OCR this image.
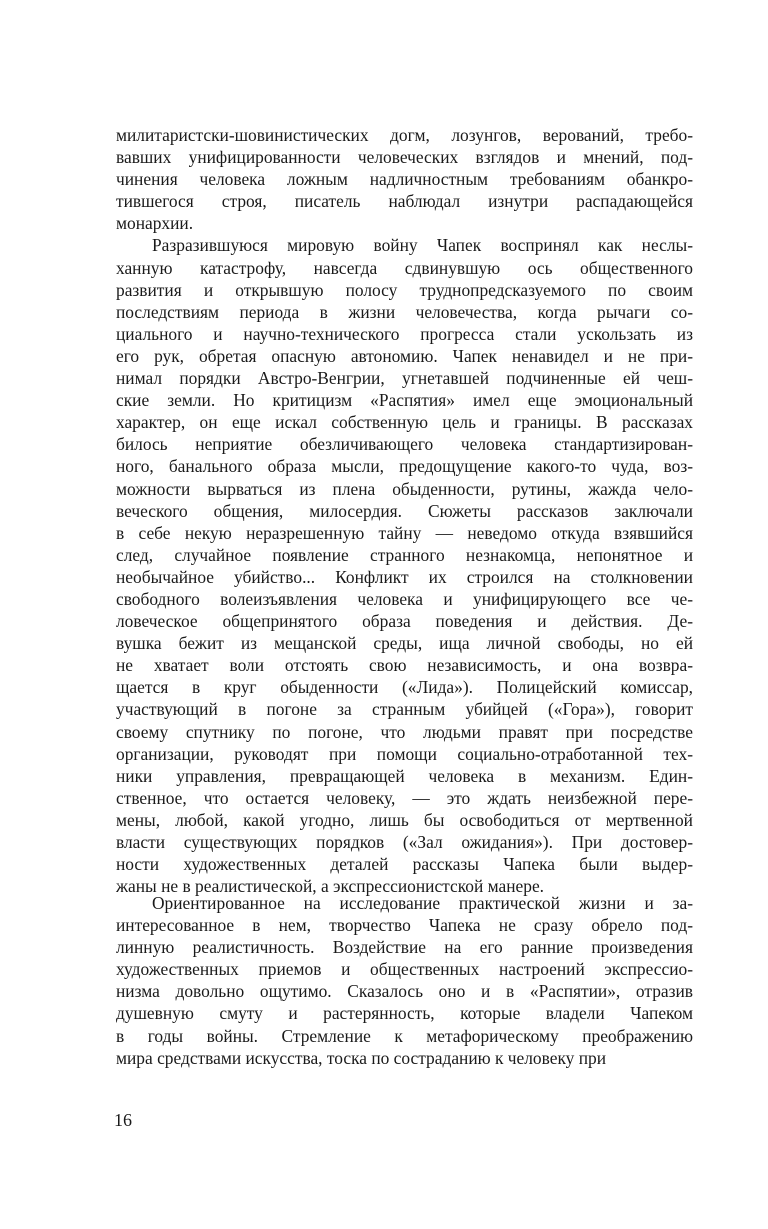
милитаристски-шовинистических догм, лозунгов, верований, требо-
вавших унифицированности человеческих взглядов и мнений, под-
чинения человека ложным надличностным требованиям обанкро-
тившегося строя, писатель наблюдал изнутри распадающейся
монархии.
Разразившуюся мировую войну Чапек воспринял как неслы-
ханную катастрофу, навсегда сдвинувшую ось общественного
развития и открывшую полосу труднопредсказуемого по своим
последствиям периода в жизни человечества, когда рычаги со-
циального и научно-технического прогресса стали ускользать из
его рук, обретая опасную автономию. Чапек ненавидел и не при-
нимал порядки Австро-Венгрии, угнетавшей подчиненные ей чеш-
ские земли. Но критицизм «Распятия» имел еще эмоциональный
характер, он еще искал собственную цель и границы. В рассказах
билось неприятие обезличивающего человека стандартизирован-
ного, банального образа мысли, предощущение какого-то чуда, воз-
можности вырваться из плена обыденности, рутины, жажда чело-
веческого общения, милосердия. Сюжеты рассказов заключали
в себе некую неразрешенную тайну — неведомо откуда взявшийся
след, случайное появление странного незнакомца, непонятное и
необычайное убийство... Конфликт их строился на столкновении
свободного волеизъявления человека и унифицирующего все че-
ловеческое общепринятого образа поведения и действия. Де-
вушка бежит из мещанской среды, ища личной свободы, но ей
не хватает воли отстоять свою независимость, и она возвра-
щается в круг обыденности («Лида»). Полицейский комиссар,
участвующий в погоне за странным убийцей («Гора»), говорит
своему спутнику по погоне, что людьми правят при посредстве
организации, руководят при помощи социально-отработанной тех-
ники управления, превращающей человека в механизм. Един-
ственное, что остается человеку, — это ждать неизбежной пере-
мены, любой, какой угодно, лишь бы освободиться от мертвенной
власти существующих порядков («Зал ожидания»). При достовер-
ности художественных деталей рассказы Чапека были выдер-
жаны не в реалистической, а экспрессионистской манере.
Ориентированное на исследование практической жизни и за-
интересованное в нем, творчество Чапека не сразу обрело под-
линную реалистичность. Воздействие на его ранние произведения
художественных приемов и общественных настроений экспрессио-
низма довольно ощутимо. Сказалось оно и в «Распятии», отразив
душевную смуту и растерянность, которые владели Чапеком
в годы войны. Стремление к метафорическому преображению
мира средствами искусства, тоска по состраданию к человеку при
16
